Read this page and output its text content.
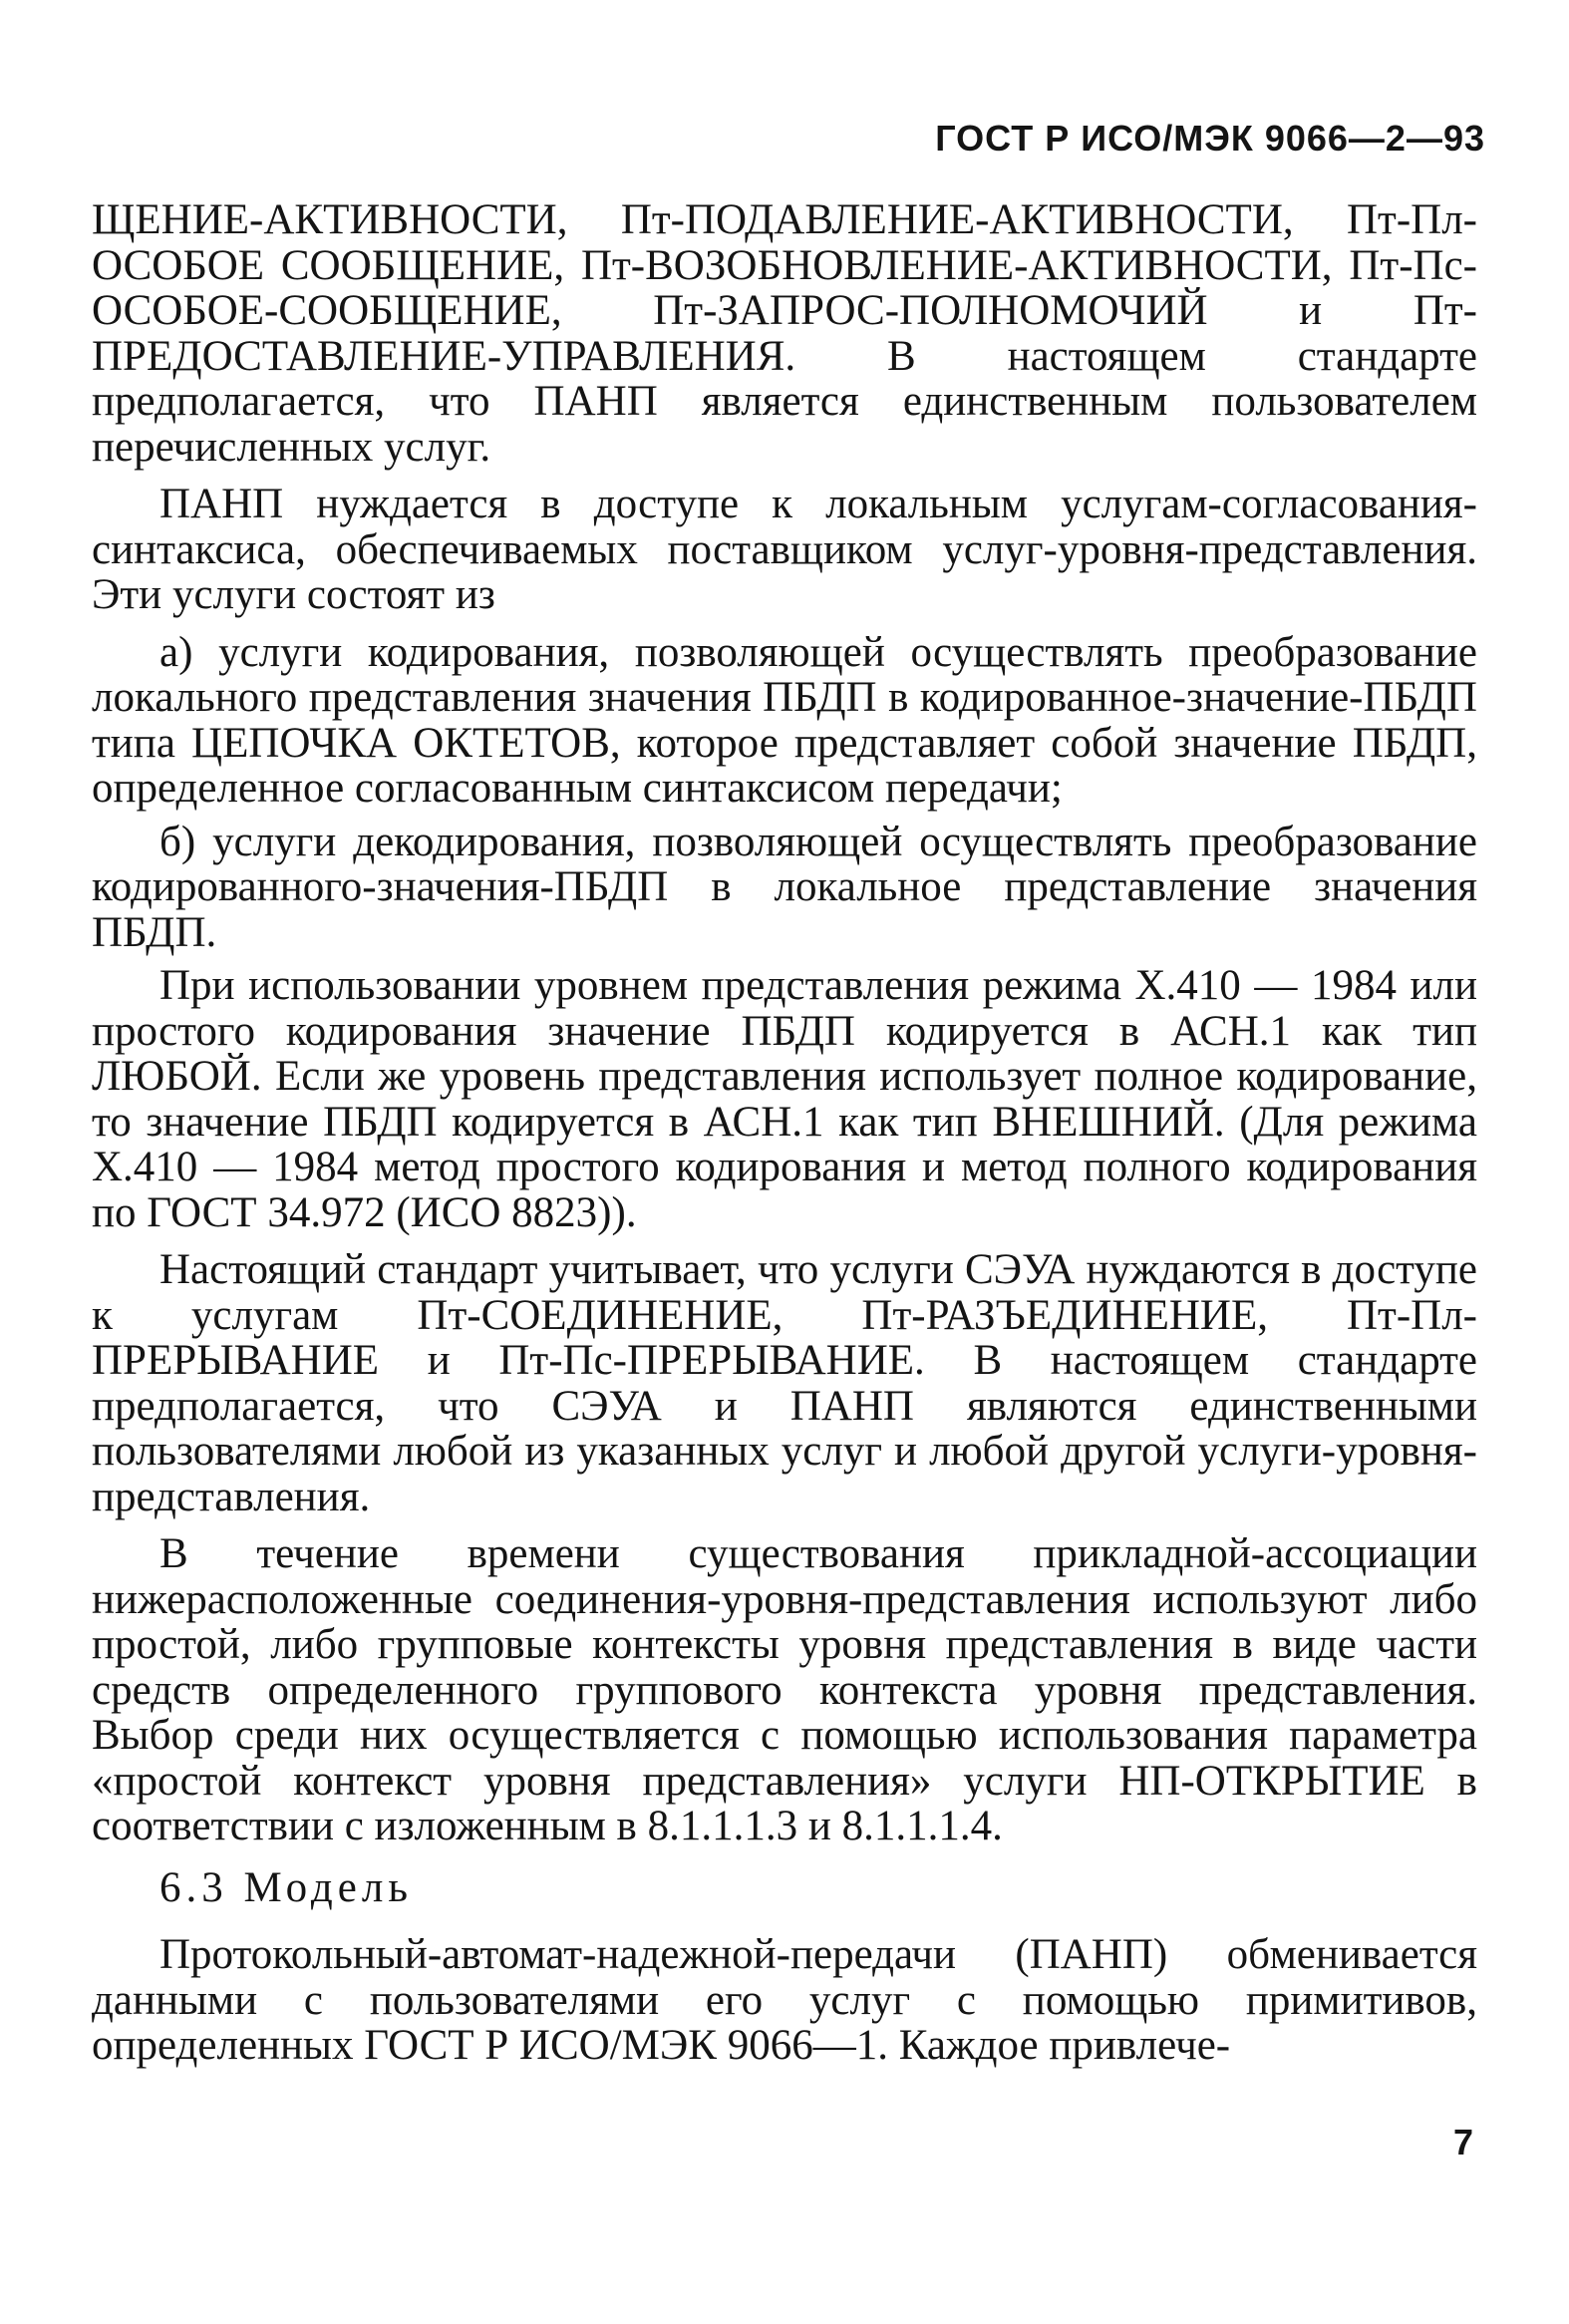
ГОСТ Р ИСО/МЭК 9066—2—93

ЩЕНИЕ-АКТИВНОСТИ, Пт-ПОДАВЛЕНИЕ-АКТИВНОСТИ, Пт-Пл-ОСОБОЕ СООБЩЕНИЕ, Пт-ВОЗОБНОВЛЕНИЕ-АКТИВНОСТИ, Пт-Пс-ОСОБОЕ-СООБЩЕНИЕ, Пт-ЗАПРОС-ПОЛНОМОЧИЙ и Пт-ПРЕДОСТАВЛЕНИЕ-УПРАВЛЕНИЯ. В настоящем стандарте предполагается, что ПАНП является единственным пользователем перечисленных услуг.

ПАНП нуждается в доступе к локальным услугам-согласования-синтаксиса, обеспечиваемых поставщиком услуг-уровня-представления. Эти услуги состоят из

а) услуги кодирования, позволяющей осуществлять преобразование локального представления значения ПБДП в кодированное-значение-ПБДП типа ЦЕПОЧКА ОКТЕТОВ, которое представляет собой значение ПБДП, определенное согласованным синтаксисом передачи;

б) услуги декодирования, позволяющей осуществлять преобразование кодированного-значения-ПБДП в локальное представление значения ПБДП.

При использовании уровнем представления режима X.410 — 1984 или простого кодирования значение ПБДП кодируется в АСН.1 как тип ЛЮБОЙ. Если же уровень представления использует полное кодирование, то значение ПБДП кодируется в АСН.1 как тип ВНЕШНИЙ. (Для режима X.410 — 1984 метод простого кодирования и метод полного кодирования по ГОСТ 34.972 (ИСО 8823)).

Настоящий стандарт учитывает, что услуги СЭУА нуждаются в доступе к услугам Пт-СОЕДИНЕНИЕ, Пт-РАЗЪЕДИНЕНИЕ, Пт-Пл-ПРЕРЫВАНИЕ и Пт-Пс-ПРЕРЫВАНИЕ. В настоящем стандарте предполагается, что СЭУА и ПАНП являются единственными пользователями любой из указанных услуг и любой другой услуги-уровня-представления.

В течение времени существования прикладной-ассоциации нижерасположенные соединения-уровня-представления используют либо простой, либо групповые контексты уровня представления в виде части средств определенного группового контекста уровня представления. Выбор среди них осуществляется с помощью использования параметра «простой контекст уровня представления» услуги НП-ОТКРЫТИЕ в соответствии с изложенным в 8.1.1.1.3 и 8.1.1.1.4.

6.3 Модель

Протокольный-автомат-надежной-передачи (ПАНП) обменивается данными с пользователями его услуг с помощью примитивов, определенных ГОСТ Р ИСО/МЭК 9066—1. Каждое привлече-

7
